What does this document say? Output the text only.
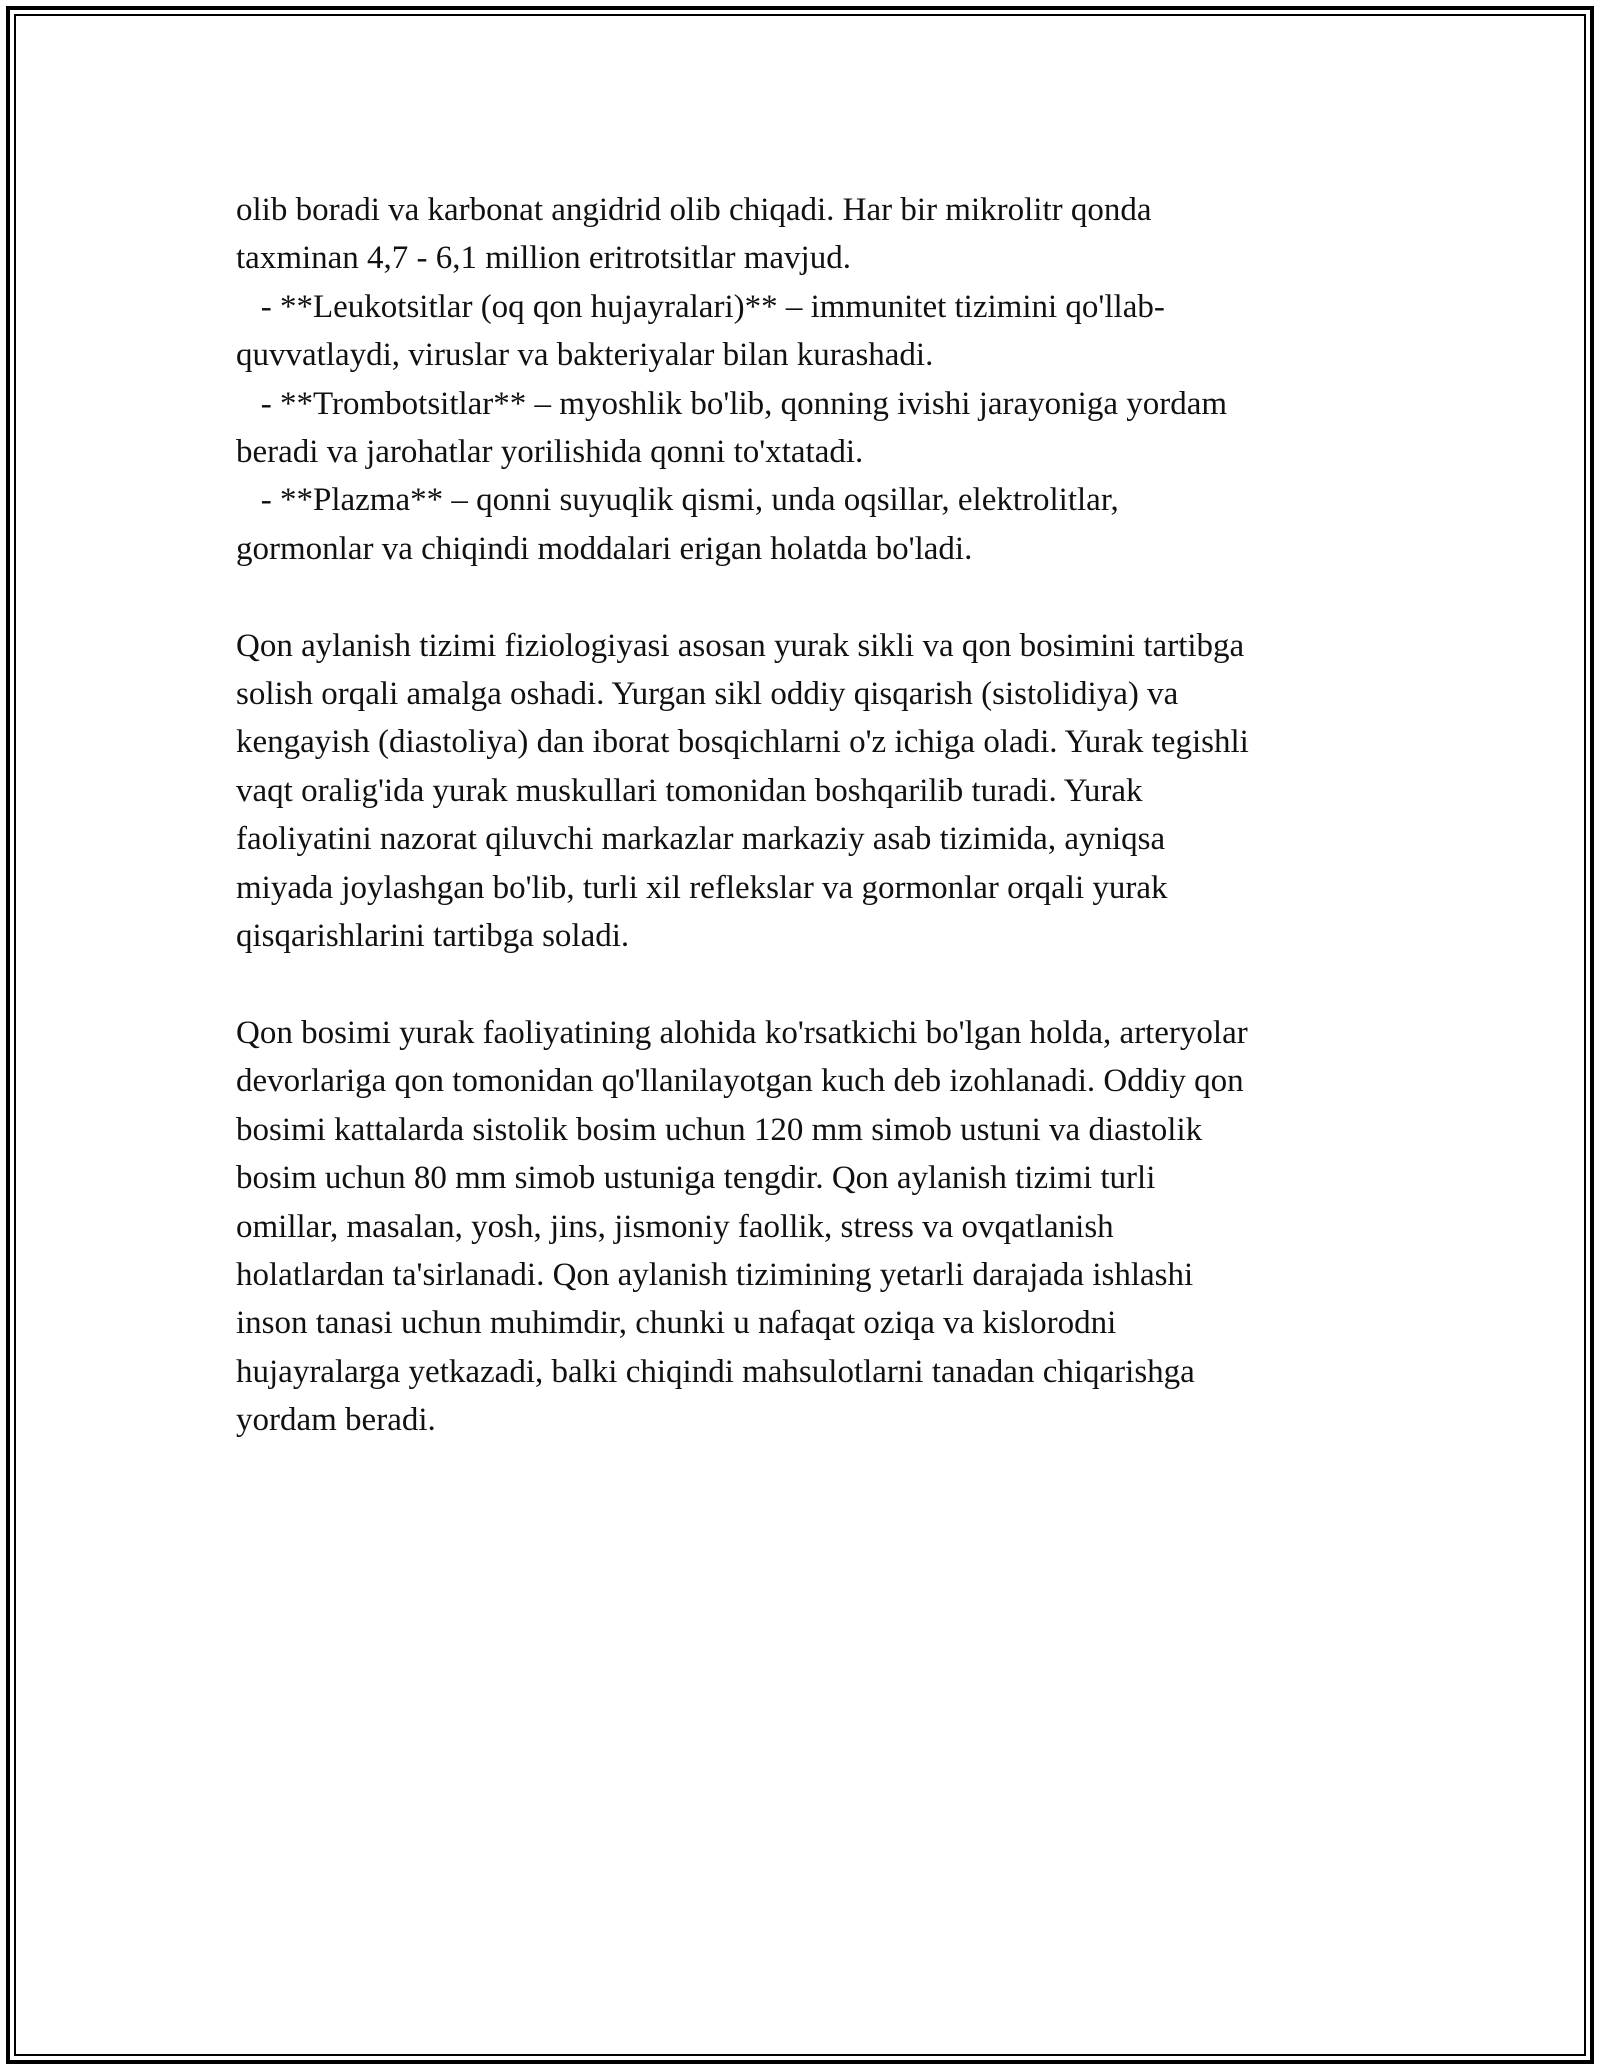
olib boradi va karbonat angidrid olib chiqadi. Har bir mikrolitr qonda
taxminan 4,7 - 6,1 million eritrotsitlar mavjud.
- **Leukotsitlar (oq qon hujayralari)** – immunitet tizimini qo'llab-
quvvatlaydi, viruslar va bakteriyalar bilan kurashadi.
- **Trombotsitlar** – myoshlik bo'lib, qonning ivishi jarayoniga yordam
beradi va jarohatlar yorilishida qonni to'xtatadi.
- **Plazma** – qonni suyuqlik qismi, unda oqsillar, elektrolitlar,
gormonlar va chiqindi moddalari erigan holatda bo'ladi.
Qon aylanish tizimi fiziologiyasi asosan yurak sikli va qon bosimini tartibga
solish orqali amalga oshadi. Yurgan sikl oddiy qisqarish (sistolidiya) va
kengayish (diastoliya) dan iborat bosqichlarni o'z ichiga oladi. Yurak tegishli
vaqt oralig'ida yurak muskullari tomonidan boshqarilib turadi. Yurak
faoliyatini nazorat qiluvchi markazlar markaziy asab tizimida, ayniqsa
miyada joylashgan bo'lib, turli xil reflekslar va gormonlar orqali yurak
qisqarishlarini tartibga soladi.
Qon bosimi yurak faoliyatining alohida ko'rsatkichi bo'lgan holda, arteryolar
devorlariga qon tomonidan qo'llanilayotgan kuch deb izohlanadi. Oddiy qon
bosimi kattalarda sistolik bosim uchun 120 mm simob ustuni va diastolik
bosim uchun 80 mm simob ustuniga tengdir. Qon aylanish tizimi turli
omillar, masalan, yosh, jins, jismoniy faollik, stress va ovqatlanish
holatlardan ta'sirlanadi. Qon aylanish tizimining yetarli darajada ishlashi
inson tanasi uchun muhimdir, chunki u nafaqat oziqa va kislorodni
hujayralarga yetkazadi, balki chiqindi mahsulotlarni tanadan chiqarishga
yordam beradi.
